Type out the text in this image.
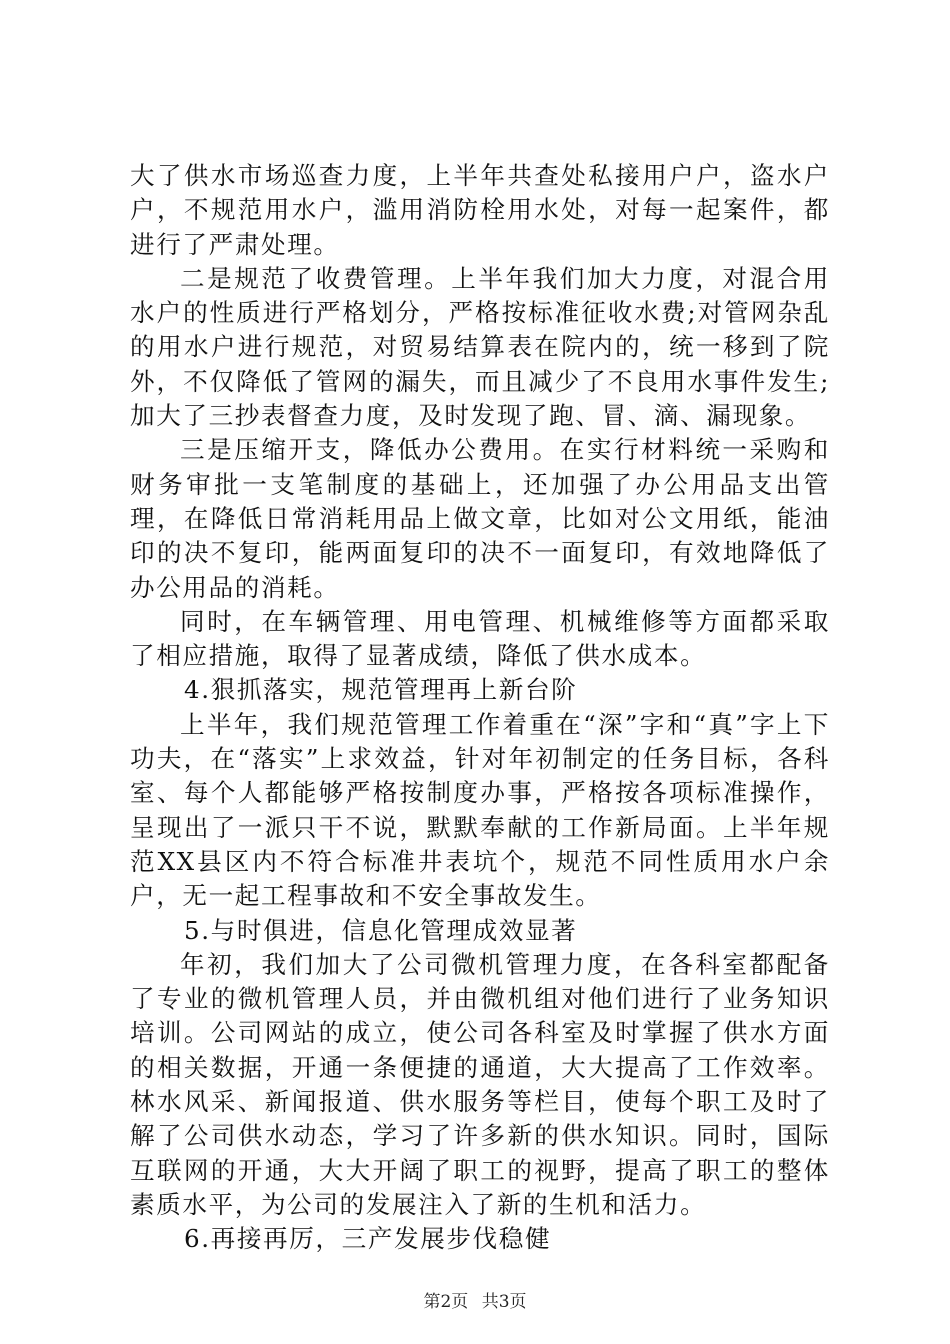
大了供水市场巡查力度，上半年共查处私接用户户，盗水户户，不规范用水户，滥用消防栓用水处，对每一起案件，都进行了严肃处理。

二是规范了收费管理。上半年我们加大力度，对混合用水户的性质进行严格划分，严格按标准征收水费;对管网杂乱的用水户进行规范，对贸易结算表在院内的，统一移到了院外，不仅降低了管网的漏失，而且减少了不良用水事件发生;加大了三抄表督查力度，及时发现了跑、冒、滴、漏现象。

三是压缩开支，降低办公费用。在实行材料统一采购和财务审批一支笔制度的基础上，还加强了办公用品支出管理，在降低日常消耗用品上做文章，比如对公文用纸，能油印的决不复印，能两面复印的决不一面复印，有效地降低了办公用品的消耗。

同时，在车辆管理、用电管理、机械维修等方面都采取了相应措施，取得了显著成绩，降低了供水成本。

4.狠抓落实，规范管理再上新台阶

上半年，我们规范管理工作着重在“深”字和“真”字上下功夫，在“落实”上求效益，针对年初制定的任务目标，各科室、每个人都能够严格按制度办事，严格按各项标准操作，呈现出了一派只干不说，默默奉献的工作新局面。上半年规范XX县区内不符合标准井表坑个，规范不同性质用水户余户，无一起工程事故和不安全事故发生。

5.与时俱进，信息化管理成效显著

年初，我们加大了公司微机管理力度，在各科室都配备了专业的微机管理人员，并由微机组对他们进行了业务知识培训。公司网站的成立，使公司各科室及时掌握了供水方面的相关数据，开通一条便捷的通道，大大提高了工作效率。林水风采、新闻报道、供水服务等栏目，使每个职工及时了解了公司供水动态，学习了许多新的供水知识。同时，国际互联网的开通，大大开阔了职工的视野，提高了职工的整体素质水平，为公司的发展注入了新的生机和活力。

6.再接再厉，三产发展步伐稳健

第2页 共3页
